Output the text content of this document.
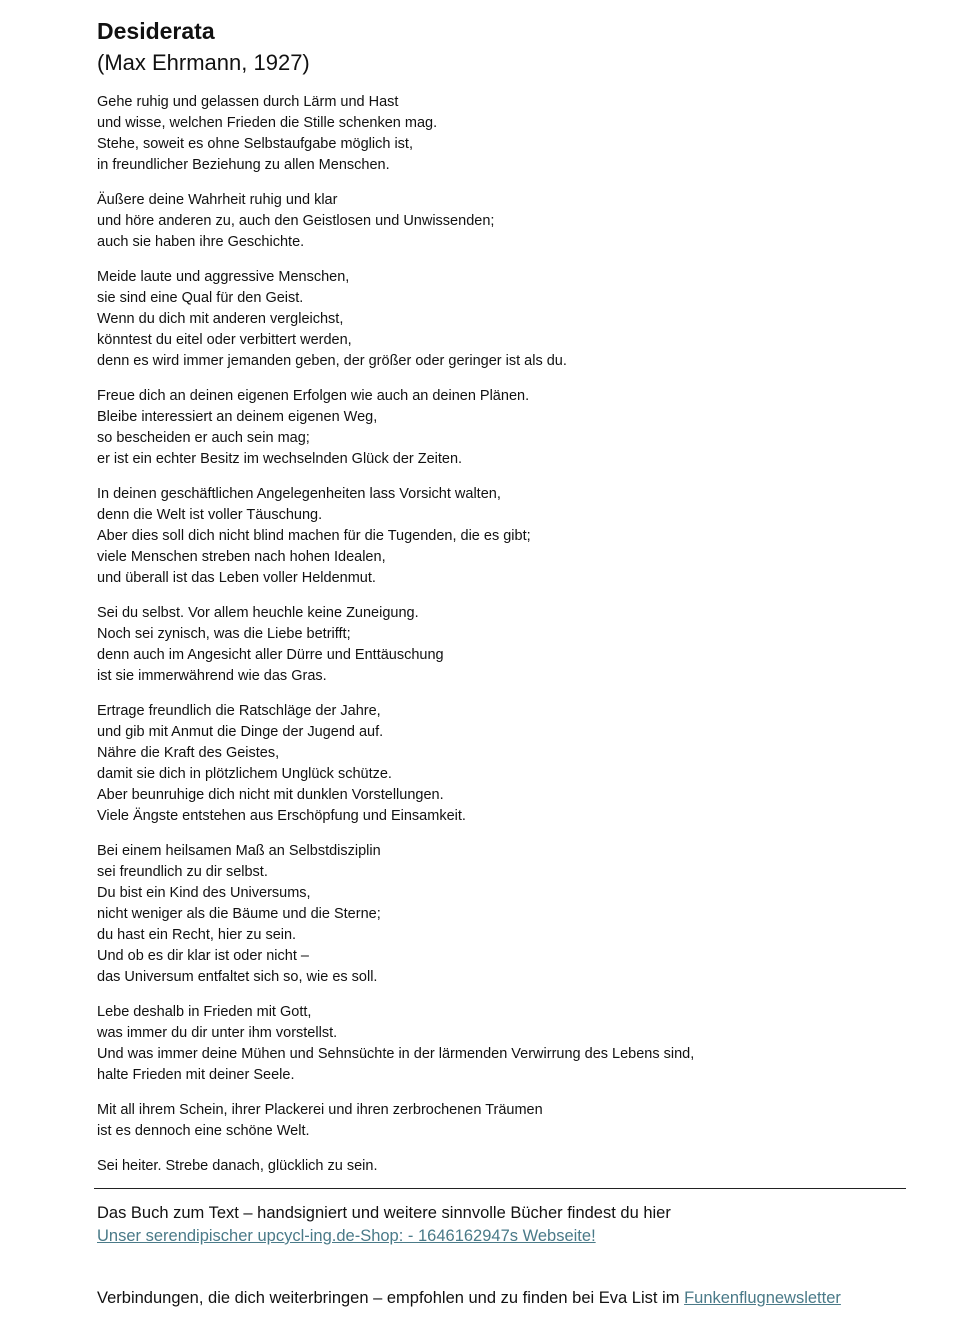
Desiderata
(Max Ehrmann, 1927)
Gehe ruhig und gelassen durch Lärm und Hast
und wisse, welchen Frieden die Stille schenken mag.
Stehe, soweit es ohne Selbstaufgabe möglich ist,
in freundlicher Beziehung zu allen Menschen.
Äußere deine Wahrheit ruhig und klar
und höre anderen zu, auch den Geistlosen und Unwissenden;
auch sie haben ihre Geschichte.
Meide laute und aggressive Menschen,
sie sind eine Qual für den Geist.
Wenn du dich mit anderen vergleichst,
könntest du eitel oder verbittert werden,
denn es wird immer jemanden geben, der größer oder geringer ist als du.
Freue dich an deinen eigenen Erfolgen wie auch an deinen Plänen.
Bleibe interessiert an deinem eigenen Weg,
so bescheiden er auch sein mag;
er ist ein echter Besitz im wechselnden Glück der Zeiten.
In deinen geschäftlichen Angelegenheiten lass Vorsicht walten,
denn die Welt ist voller Täuschung.
Aber dies soll dich nicht blind machen für die Tugenden, die es gibt;
viele Menschen streben nach hohen Idealen,
und überall ist das Leben voller Heldenmut.
Sei du selbst. Vor allem heuchle keine Zuneigung.
Noch sei zynisch, was die Liebe betrifft;
denn auch im Angesicht aller Dürre und Enttäuschung
ist sie immerwährend wie das Gras.
Ertrage freundlich die Ratschläge der Jahre,
und gib mit Anmut die Dinge der Jugend auf.
Nähre die Kraft des Geistes,
damit sie dich in plötzlichem Unglück schütze.
Aber beunruhige dich nicht mit dunklen Vorstellungen.
Viele Ängste entstehen aus Erschöpfung und Einsamkeit.
Bei einem heilsamen Maß an Selbstdisziplin
sei freundlich zu dir selbst.
Du bist ein Kind des Universums,
nicht weniger als die Bäume und die Sterne;
du hast ein Recht, hier zu sein.
Und ob es dir klar ist oder nicht –
das Universum entfaltet sich so, wie es soll.
Lebe deshalb in Frieden mit Gott,
was immer du dir unter ihm vorstellst.
Und was immer deine Mühen und Sehnsüchte in der lärmenden Verwirrung des Lebens sind,
halte Frieden mit deiner Seele.
Mit all ihrem Schein, ihrer Plackerei und ihren zerbrochenen Träumen
ist es dennoch eine schöne Welt.
Sei heiter. Strebe danach, glücklich zu sein.
Das Buch zum Text – handsigniert und weitere sinnvolle Bücher findest du hier
Unser serendipischer upcycl-ing.de-Shop: - 1646162947s Webseite!
Verbindungen, die dich weiterbringen – empfohlen und zu finden bei Eva List im Funkenflugnewsletter
